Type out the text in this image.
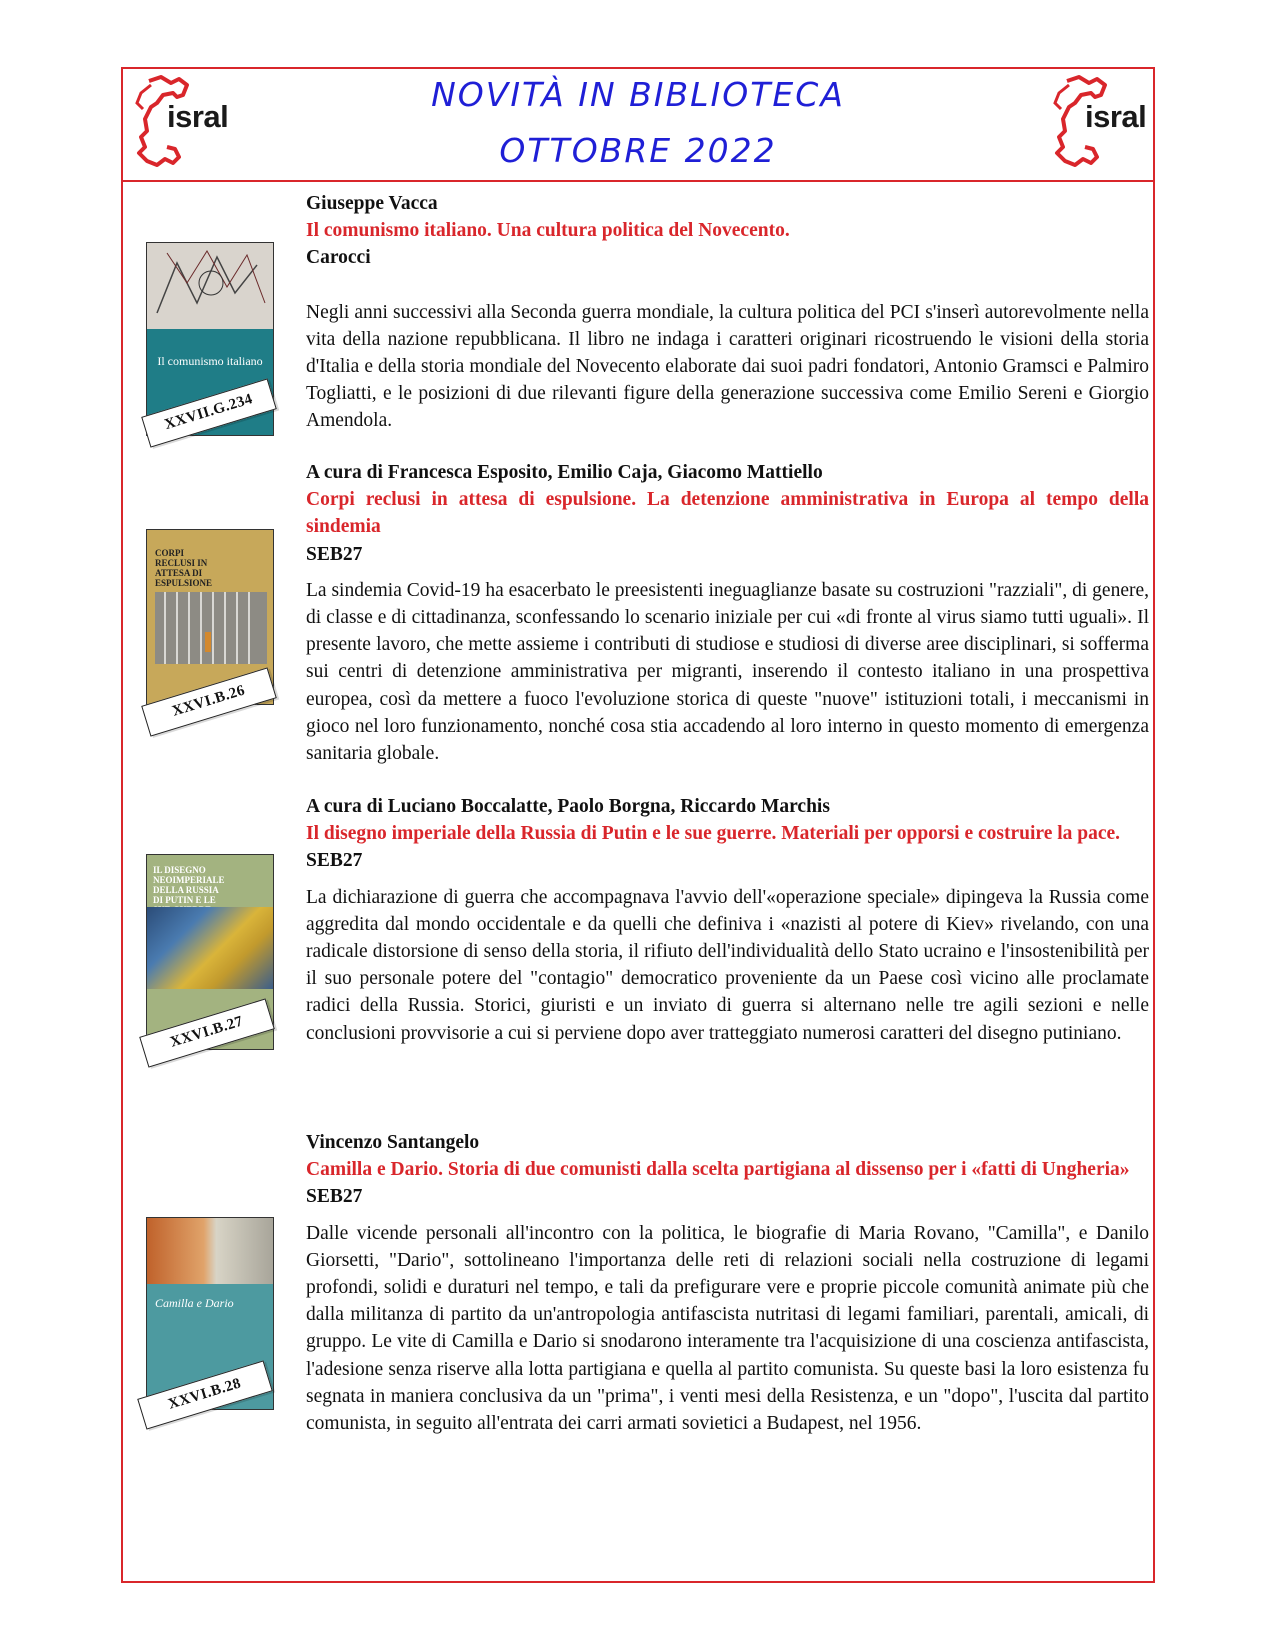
isral
NOVITÀ IN BIBLIOTECA
OTTOBRE 2022
isral
Il comunismo italiano
XXVII.G.234
Giuseppe Vacca
Il comunismo italiano. Una cultura politica del Novecento.
Carocci
Negli anni successivi alla Seconda guerra mondiale, la cultura politica del PCI s'inserì autorevolmente nella vita della nazione repubblicana. Il libro ne indaga i caratteri originari ricostruendo le visioni della storia d'Italia e della storia mondiale del Novecento elaborate dai suoi padri fondatori, Antonio Gramsci e Palmiro Togliatti, e le posizioni di due rilevanti figure della generazione successiva come Emilio Sereni e Giorgio Amendola.
CORPI RECLUSI IN ATTESA DI ESPULSIONE
XXVI.B.26
A cura di Francesca Esposito, Emilio Caja, Giacomo Mattiello
Corpi reclusi in attesa di espulsione. La detenzione amministrativa in Europa al tempo della sindemia
SEB27
La sindemia Covid-19 ha esacerbato le preesistenti ineguaglianze basate su costruzioni "razziali", di genere, di classe e di cittadinanza, sconfessando lo scenario iniziale per cui «di fronte al virus siamo tutti uguali». Il presente lavoro, che mette assieme i contributi di studiose e studiosi di diverse aree disciplinari, si sofferma sui centri di detenzione amministrativa per migranti, inserendo il contesto italiano in una prospettiva europea, così da mettere a fuoco l'evoluzione storica di queste "nuove" istituzioni totali, i meccanismi in gioco nel loro funzionamento, nonché cosa stia accadendo al loro interno in questo momento di emergenza sanitaria globale.
IL DISEGNO NEOIMPERIALE DELLA RUSSIA DI PUTIN E LE
XXVI.B.27
A cura di Luciano Boccalatte, Paolo Borgna, Riccardo Marchis
Il disegno imperiale della Russia di Putin e le sue guerre. Materiali per opporsi e costruire la pace.
SEB27
La dichiarazione di guerra che accompagnava l'avvio dell'«operazione speciale» dipingeva la Russia come aggredita dal mondo occidentale e da quelli che definiva i «nazisti al potere di Kiev» rivelando, con una radicale distorsione di senso della storia, il rifiuto dell'individualità dello Stato ucraino e l'insostenibilità per il suo personale potere del "contagio" democratico proveniente da un Paese così vicino alle proclamate radici della Russia. Storici, giuristi e un inviato di guerra si alternano nelle tre agili sezioni e nelle conclusioni provvisorie a cui si perviene dopo aver tratteggiato numerosi caratteri del disegno putiniano.
Camilla e Dario
XXVI.B.28
Vincenzo Santangelo
Camilla e Dario. Storia di due comunisti dalla scelta partigiana al dissenso per i «fatti di Ungheria»
SEB27
Dalle vicende personali all'incontro con la politica, le biografie di Maria Rovano, "Camilla", e Danilo Giorsetti, "Dario", sottolineano l'importanza delle reti di relazioni sociali nella costruzione di legami profondi, solidi e duraturi nel tempo, e tali da prefigurare vere e proprie piccole comunità animate più che dalla militanza di partito da un'antropologia antifascista nutritasi di legami familiari, parentali, amicali, di gruppo. Le vite di Camilla e Dario si snodarono interamente tra l'acquisizione di una coscienza antifascista, l'adesione senza riserve alla lotta partigiana e quella al partito comunista. Su queste basi la loro esistenza fu segnata in maniera conclusiva da un "prima", i venti mesi della Resistenza, e un "dopo", l'uscita dal partito comunista, in seguito all'entrata dei carri armati sovietici a Budapest, nel 1956.
